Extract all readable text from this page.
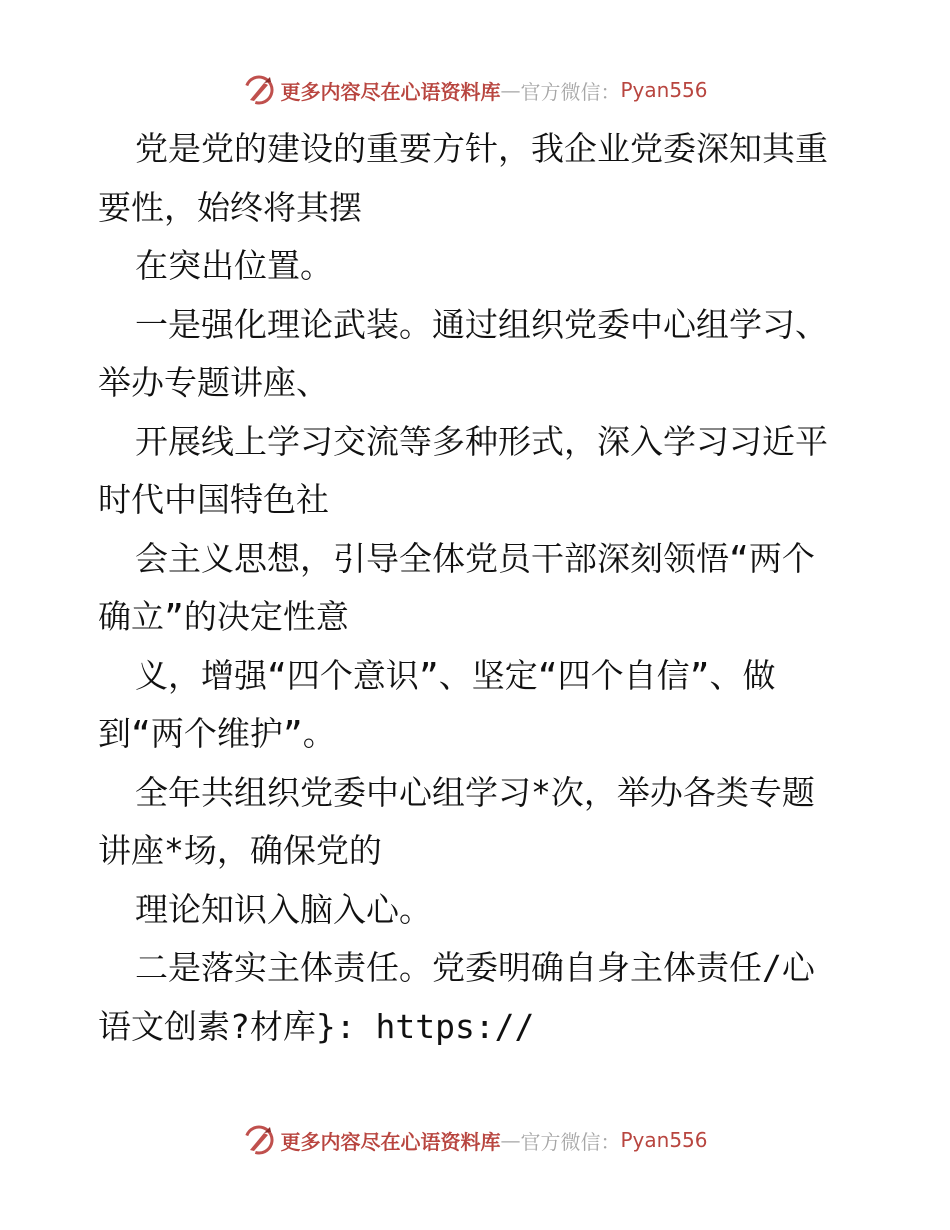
更多内容尽在心语资料库 — 官方微信： Pyan556
党是党的建设的重要方针，我企业党委深知其重
要性，始终将其摆
在突出位置。
一是强化理论武装。通过组织党委中心组学习、
举办专题讲座、
开展线上学习交流等多种形式，深入学习习近平
时代中国特色社
会主义思想，引导全体党员干部深刻领悟“两个
确立”的决定性意
义，增强“四个意识”、坚定“四个自信”、做
到“两个维护”。
全年共组织党委中心组学习*次，举办各类专题
讲座*场，确保党的
理论知识入脑入心。
二是落实主体责任。党委明确自身主体责任/心
语文创素?材库}: https://
更多内容尽在心语资料库 — 官方微信： Pyan556
